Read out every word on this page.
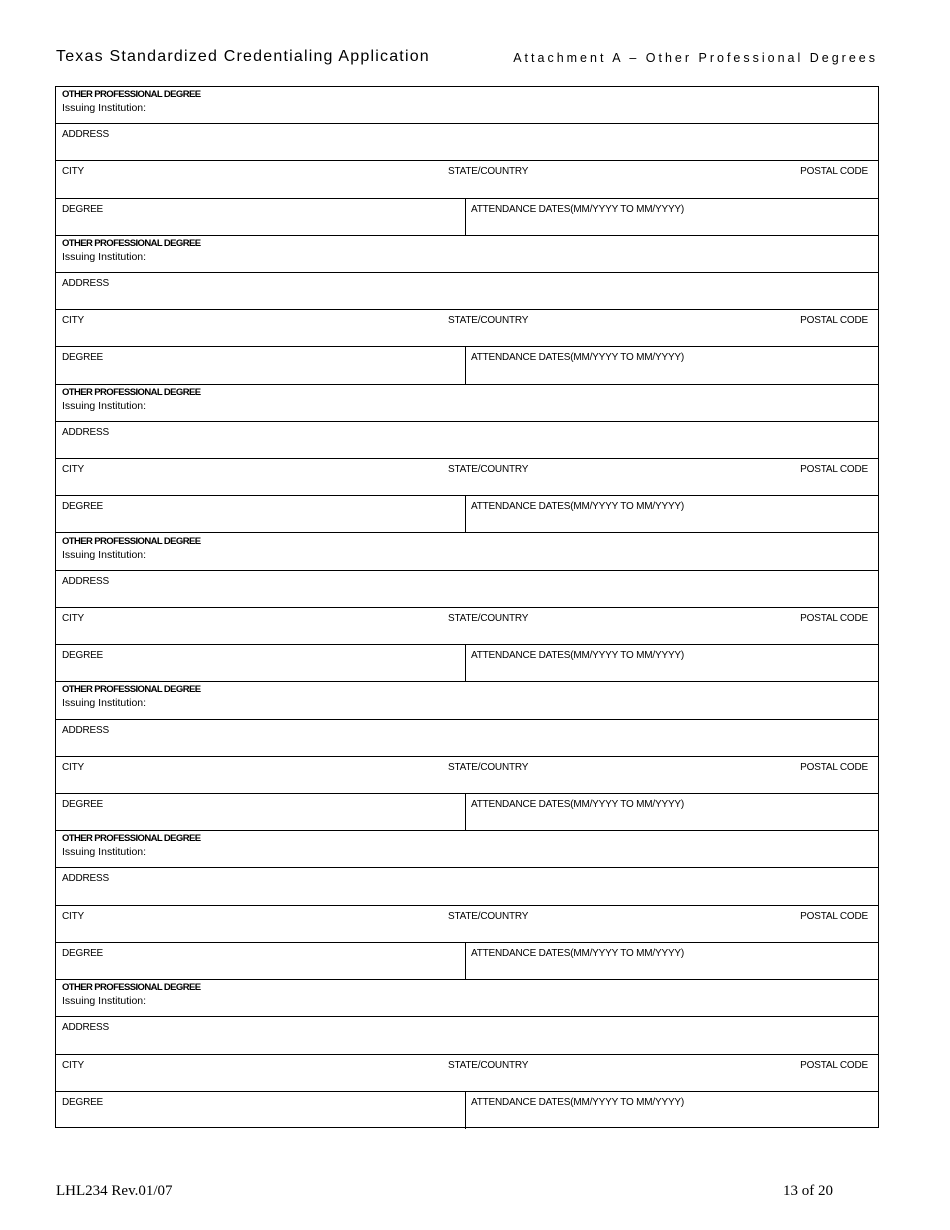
Texas Standardized Credentialing Application	Attachment A – Other Professional Degrees
OTHER PROFESSIONAL DEGREE
Issuing Institution:
ADDRESS
CITY	STATE/COUNTRY	POSTAL CODE
DEGREE	ATTENDANCE DATES(MM/YYYY TO MM/YYYY)
OTHER PROFESSIONAL DEGREE
Issuing Institution:
ADDRESS
CITY	STATE/COUNTRY	POSTAL CODE
DEGREE	ATTENDANCE DATES(MM/YYYY TO MM/YYYY)
OTHER PROFESSIONAL DEGREE
Issuing Institution:
ADDRESS
CITY	STATE/COUNTRY	POSTAL CODE
DEGREE	ATTENDANCE DATES(MM/YYYY TO MM/YYYY)
OTHER PROFESSIONAL DEGREE
Issuing Institution:
ADDRESS
CITY	STATE/COUNTRY	POSTAL CODE
DEGREE	ATTENDANCE DATES(MM/YYYY TO MM/YYYY)
OTHER PROFESSIONAL DEGREE
Issuing Institution:
ADDRESS
CITY	STATE/COUNTRY	POSTAL CODE
DEGREE	ATTENDANCE DATES(MM/YYYY TO MM/YYYY)
OTHER PROFESSIONAL DEGREE
Issuing Institution:
ADDRESS
CITY	STATE/COUNTRY	POSTAL CODE
DEGREE	ATTENDANCE DATES(MM/YYYY TO MM/YYYY)
OTHER PROFESSIONAL DEGREE
Issuing Institution:
ADDRESS
CITY	STATE/COUNTRY	POSTAL CODE
DEGREE	ATTENDANCE DATES(MM/YYYY TO MM/YYYY)
LHL234 Rev.01/07	13 of 20
